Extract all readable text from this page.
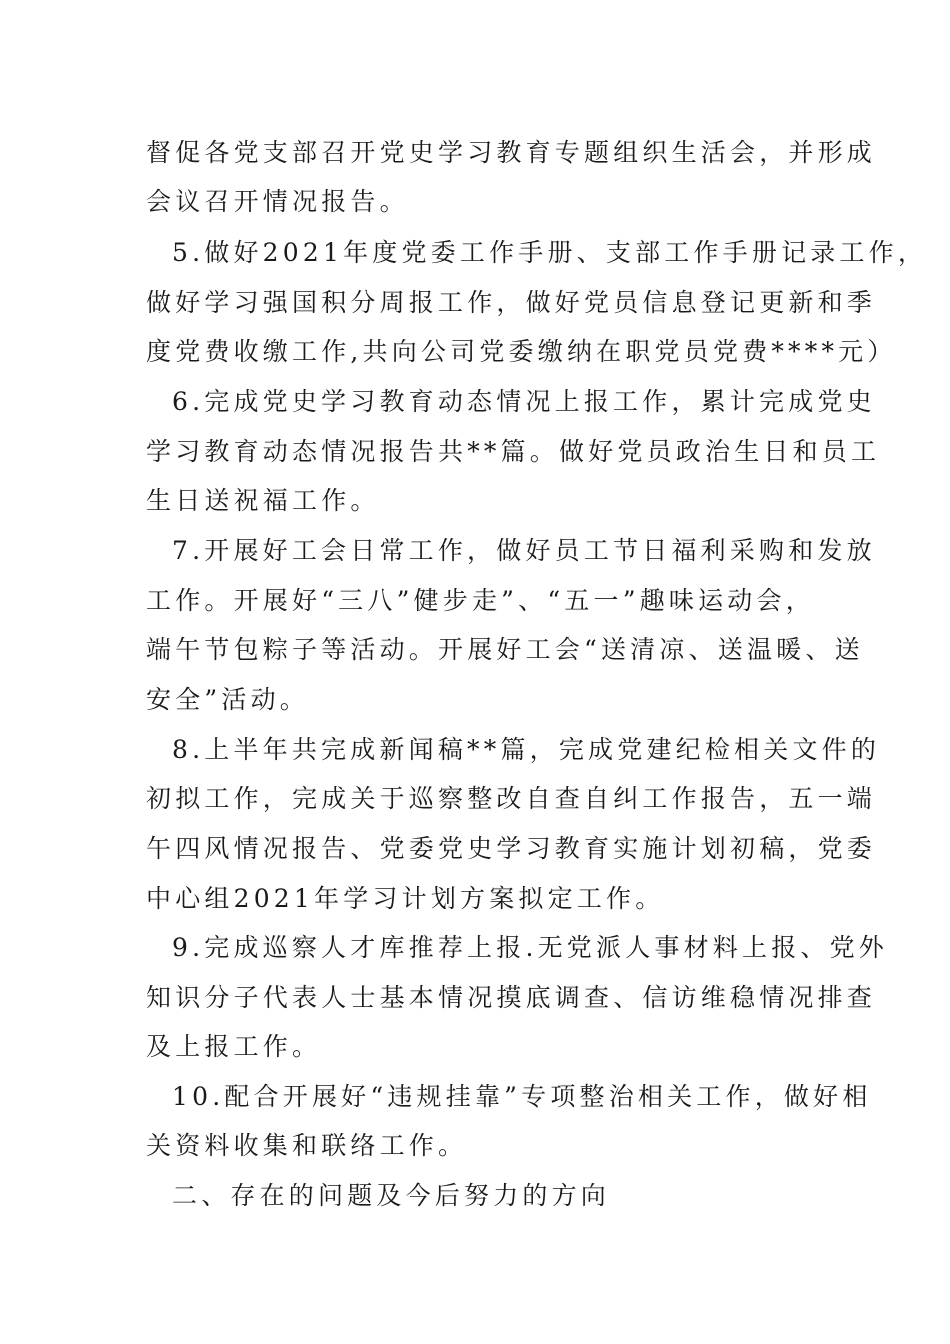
督促各党支部召开党史学习教育专题组织生活会，并形成
会议召开情况报告。
5.做好2021年度党委工作手册、支部工作手册记录工作，
做好学习强国积分周报工作，做好党员信息登记更新和季
度党费收缴工作,共向公司党委缴纳在职党员党费****元）
6.完成党史学习教育动态情况上报工作，累计完成党史
学习教育动态情况报告共**篇。做好党员政治生日和员工
生日送祝福工作。
7.开展好工会日常工作，做好员工节日福利采购和发放
工作。开展好“三八”健步走”、“五一”趣味运动会，
端午节包粽子等活动。开展好工会“送清凉、送温暖、送
安全”活动。
8.上半年共完成新闻稿**篇，完成党建纪检相关文件的
初拟工作，完成关于巡察整改自查自纠工作报告，五一端
午四风情况报告、党委党史学习教育实施计划初稿，党委
中心组2021年学习计划方案拟定工作。
9.完成巡察人才库推荐上报.无党派人事材料上报、党外
知识分子代表人士基本情况摸底调查、信访维稳情况排查
及上报工作。
10.配合开展好“违规挂靠”专项整治相关工作，做好相
关资料收集和联络工作。
二、存在的问题及今后努力的方向
